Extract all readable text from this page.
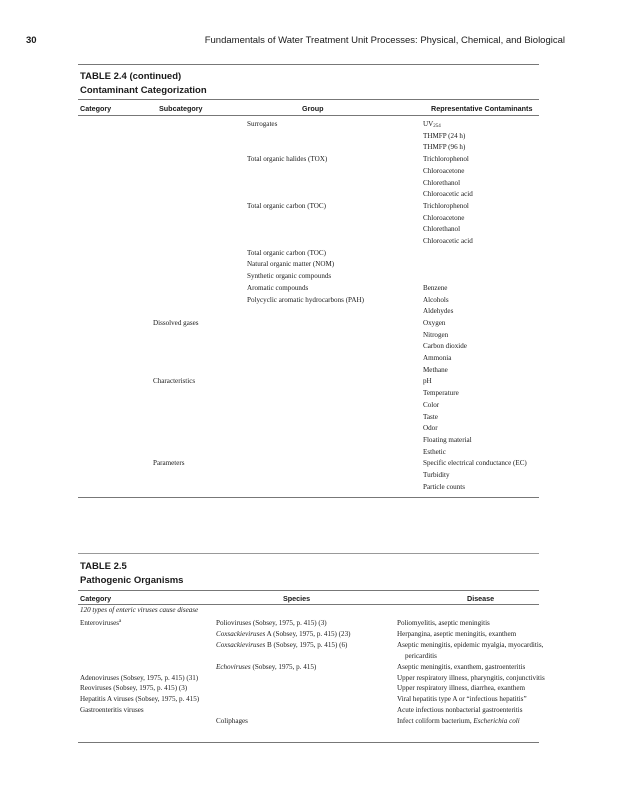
30	Fundamentals of Water Treatment Unit Processes: Physical, Chemical, and Biological
TABLE 2.4 (continued)
Contaminant Categorization
Category	Subcategory	Group	Representative Contaminants
		Surrogates	$UV_{254}$
			THMFP (24 h)
			THMFP (96 h)
		Total organic halides (TOX)	Trichlorophenol
			Chloroacetone
			Chlorethanol
			Chloroacetic acid
		Total organic carbon (TOC)	Trichlorophenol
			Chloroacetone
			Chlorethanol
			Chloroacetic acid
		Total organic carbon (TOC)	
		Natural organic matter (NOM)	
		Synthetic organic compounds	
		Aromatic compounds	Benzene
		Polycyclic aromatic hydrocarbons (PAH)	Alcohols
			Aldehydes
	Dissolved gases		Oxygen
			Nitrogen
			Carbon dioxide
			Ammonia
			Methane
	Characteristics		pH
			Temperature
			Color
			Taste
			Odor
			Floating material
			Esthetic
	Parameters		Specific electrical conductance (EC)
			Turbidity
			Particle counts
TABLE 2.5
Pathogenic Organisms
Category	Species	Disease
120 types of enteric viruses cause disease
Enteroviruses$^a$	Polioviruses (Sobsey, 1975, p. 415) (3)	Poliomyelitis, aseptic meningitis
	Coxsackieviruses A (Sobsey, 1975, p. 415) (23)	Herpangina, aseptic meningitis, exanthem
	Coxsackieviruses B (Sobsey, 1975, p. 415) (6)	Aseptic meningitis, epidemic myalgia, myocarditis,
		pericarditis
	Echoviruses (Sobsey, 1975, p. 415)	Aseptic meningitis, exanthem, gastroenteritis
Adenoviruses (Sobsey, 1975, p. 415) (31)		Upper respiratory illness, pharyngitis, conjunctivitis
Reoviruses (Sobsey, 1975, p. 415) (3)		Upper respiratory illness, diarrhea, exanthem
Hepatitis A viruses (Sobsey, 1975, p. 415)		Viral hepatitis type A or “infectious hepatitis”
Gastroenteritis viruses		Acute infectious nonbacterial gastroenteritis
	Coliphages	Infect coliform bacterium, Escherichia coli
